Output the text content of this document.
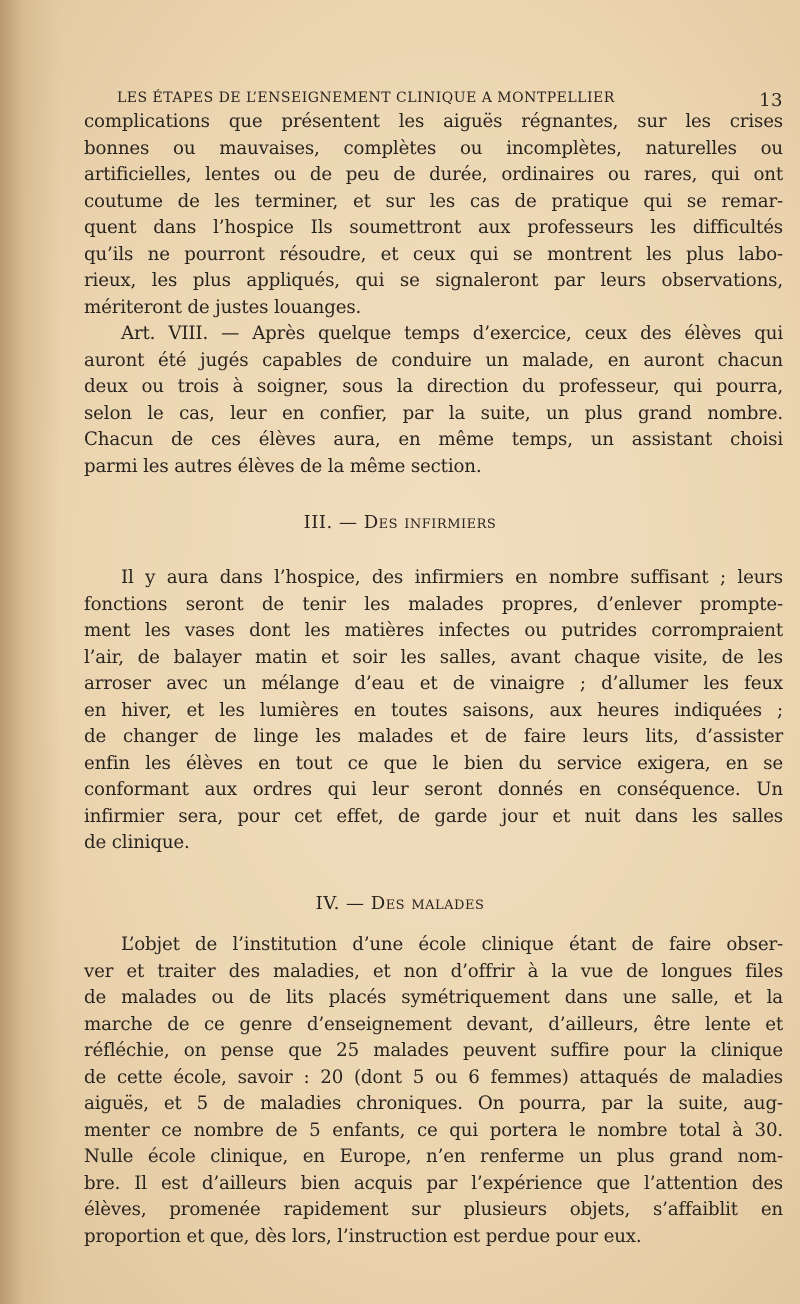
LES ÉTAPES DE L’ENSEIGNEMENT CLINIQUE A MONTPELLIER	13
complications que présentent les aiguës régnantes, sur les crises
bonnes ou mauvaises, complètes ou incomplètes, naturelles ou
artificielles, lentes ou de peu de durée, ordinaires ou rares, qui ont
coutume de les terminer, et sur les cas de pratique qui se remar-
quent dans l’hospice Ils soumettront aux professeurs les difficultés
qu’ils ne pourront résoudre, et ceux qui se montrent les plus labo-
rieux, les plus appliqués, qui se signaleront par leurs observations,
mériteront de justes louanges.
Art. VIII. — Après quelque temps d’exercice, ceux des élèves qui
auront été jugés capables de conduire un malade, en auront chacun
deux ou trois à soigner, sous la direction du professeur, qui pourra,
selon le cas, leur en confier, par la suite, un plus grand nombre.
Chacun de ces élèves aura, en même temps, un assistant choisi
parmi les autres élèves de la même section.
Il y aura dans l’hospice, des infirmiers en nombre suffisant ; leurs
fonctions seront de tenir les malades propres, d’enlever prompte-
ment les vases dont les matières infectes ou putrides corrompraient
l’air, de balayer matin et soir les salles, avant chaque visite, de les
arroser avec un mélange d’eau et de vinaigre ; d’allumer les feux
en hiver, et les lumières en toutes saisons, aux heures indiquées ;
de changer de linge les malades et de faire leurs lits, d’assister
enfin les élèves en tout ce que le bien du service exigera, en se
conformant aux ordres qui leur seront donnés en conséquence. Un
infirmier sera, pour cet effet, de garde jour et nuit dans les salles
de clinique.
L’objet de l’institution d’une école clinique étant de faire obser-
ver et traiter des maladies, et non d’offrir à la vue de longues files
de malades ou de lits placés symétriquement dans une salle, et la
marche de ce genre d’enseignement devant, d’ailleurs, être lente et
réfléchie, on pense que 25 malades peuvent suffire pour la clinique
de cette école, savoir : 20 (dont 5 ou 6 femmes) attaqués de maladies
aiguës, et 5 de maladies chroniques. On pourra, par la suite, aug-
menter ce nombre de 5 enfants, ce qui portera le nombre total à 30.
Nulle école clinique, en Europe, n’en renferme un plus grand nom-
bre. Il est d’ailleurs bien acquis par l’expérience que l’attention des
élèves, promenée rapidement sur plusieurs objets, s’affaiblit en
proportion et que, dès lors, l’instruction est perdue pour eux.
III. — Des infirmiers
IV. — Des malades
